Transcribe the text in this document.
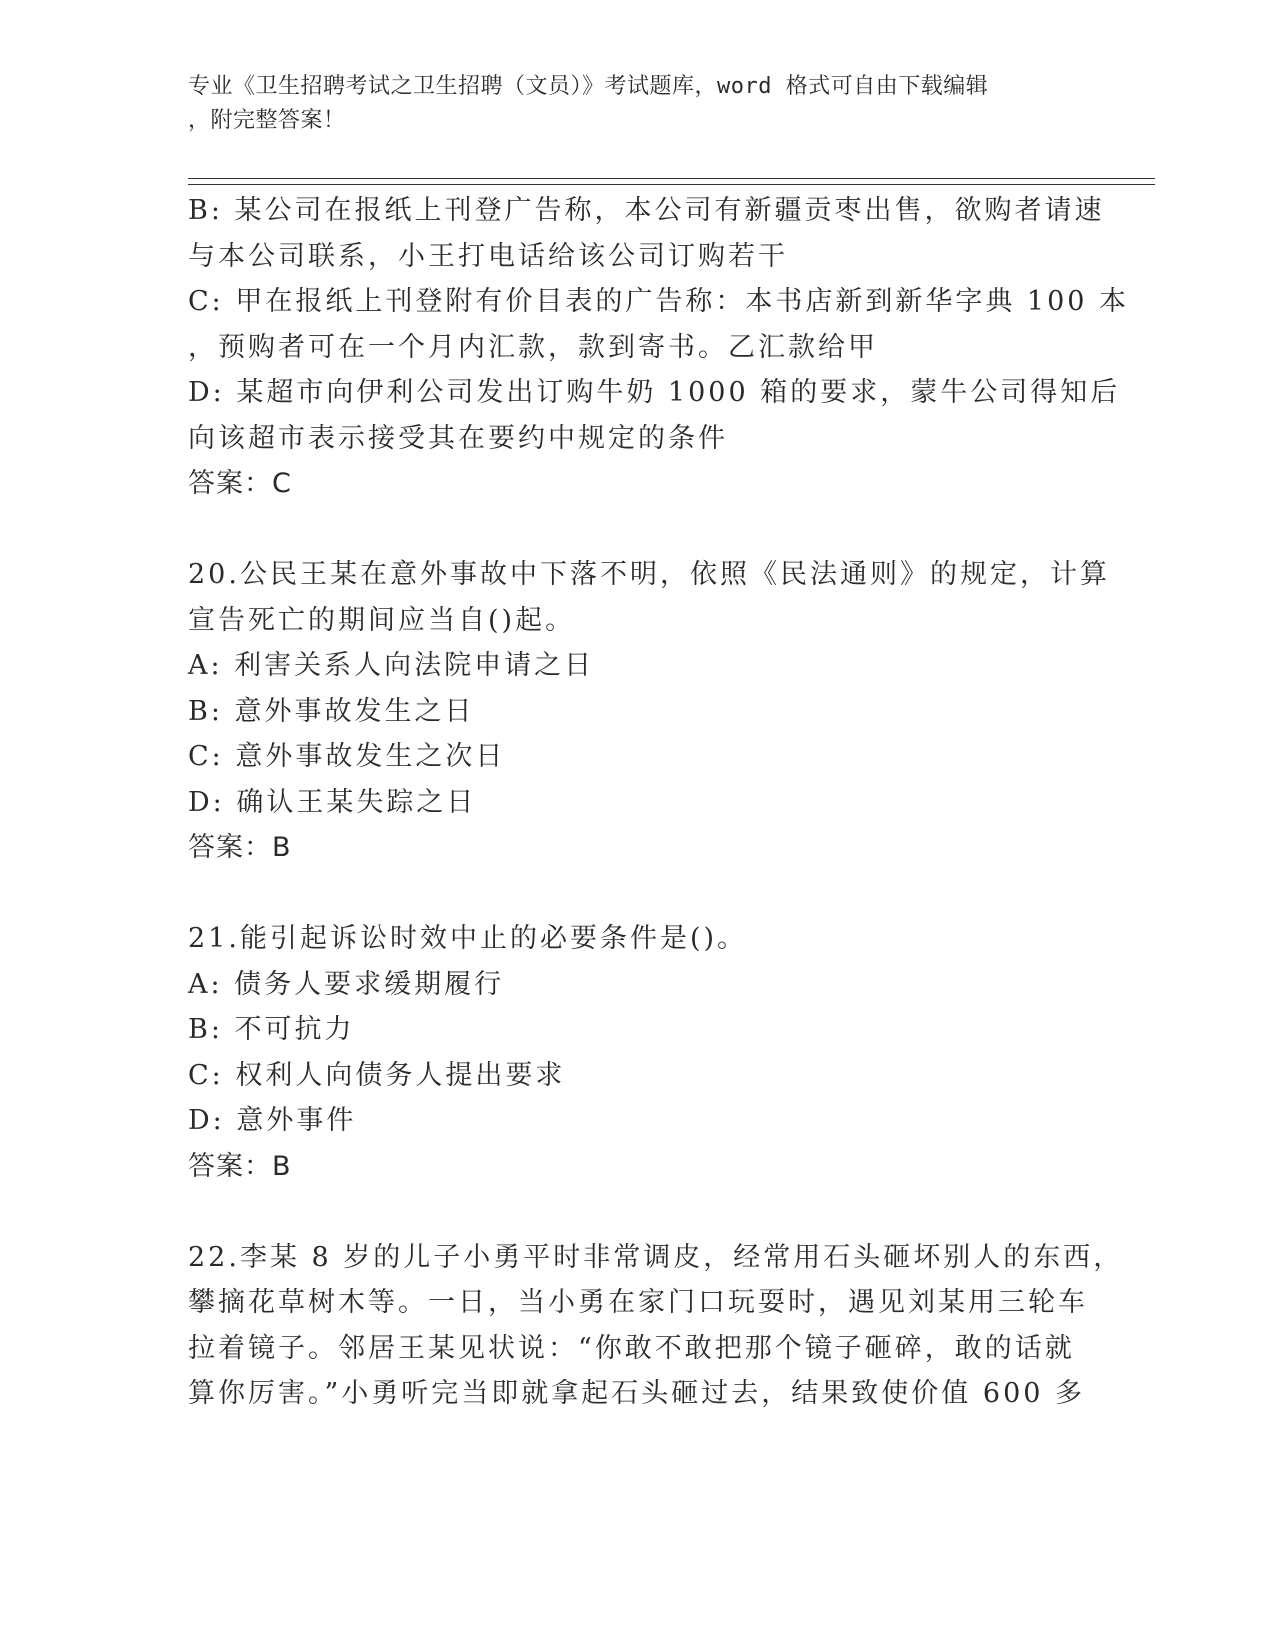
专业《卫生招聘考试之卫生招聘（文员）》考试题库，word 格式可自由下载编辑
，附完整答案！
B: 某公司在报纸上刊登广告称，本公司有新疆贡枣出售，欲购者请速
与本公司联系，小王打电话给该公司订购若干
C: 甲在报纸上刊登附有价目表的广告称：本书店新到新华字典 100 本
，预购者可在一个月内汇款，款到寄书。乙汇款给甲
D: 某超市向伊利公司发出订购牛奶 1000 箱的要求，蒙牛公司得知后
向该超市表示接受其在要约中规定的条件
答案：C
20.公民王某在意外事故中下落不明，依照《民法通则》的规定，计算
宣告死亡的期间应当自()起。
A: 利害关系人向法院申请之日
B: 意外事故发生之日
C: 意外事故发生之次日
D: 确认王某失踪之日
答案：B
21.能引起诉讼时效中止的必要条件是()。
A: 债务人要求缓期履行
B: 不可抗力
C: 权利人向债务人提出要求
D: 意外事件
答案：B
22.李某 8 岁的儿子小勇平时非常调皮，经常用石头砸坏别人的东西，
攀摘花草树木等。一日，当小勇在家门口玩耍时，遇见刘某用三轮车
拉着镜子。邻居王某见状说：“你敢不敢把那个镜子砸碎，敢的话就
算你厉害。”小勇听完当即就拿起石头砸过去，结果致使价值 600 多
